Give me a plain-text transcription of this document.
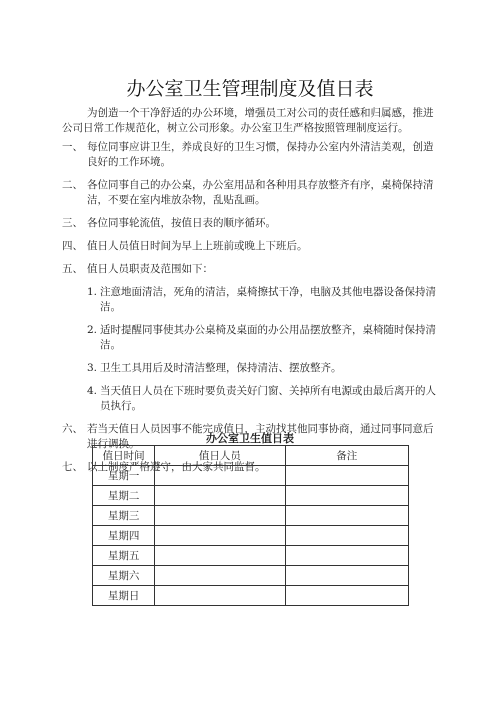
办公室卫生管理制度及值日表
为创造一个干净舒适的办公环境，增强员工对公司的责任感和归属感，推进公司日常工作规范化，树立公司形象。办公室卫生严格按照管理制度运行。
一、 每位同事应讲卫生，养成良好的卫生习惯，保持办公室内外清洁美观，创造良好的工作环境。
二、 各位同事自己的办公桌，办公室用品和各种用具存放整齐有序，桌椅保持清洁，不要在室内堆放杂物，乱贴乱画。
三、 各位同事轮流值，按值日表的顺序循环。
四、 值日人员值日时间为早上上班前或晚上下班后。
五、 值日人员职责及范围如下：
1. 注意地面清洁，死角的清洁，桌椅擦拭干净，电脑及其他电器设备保持清洁。
2. 适时提醒同事使其办公桌椅及桌面的办公用品摆放整齐，桌椅随时保持清洁。
3. 卫生工具用后及时清洁整理，保持清洁、摆放整齐。
4. 当天值日人员在下班时要负责关好门窗、关掉所有电源或由最后离开的人员执行。
六、 若当天值日人员因事不能完成值日，主动找其他同事协商，通过同事同意后进行调换。
七、 以上制度严格遵守，由大家共同监督。
办公室卫生值日表
值日时间	值日人员	备注
星期一		
星期二		
星期三		
星期四		
星期五		
星期六		
星期日		
